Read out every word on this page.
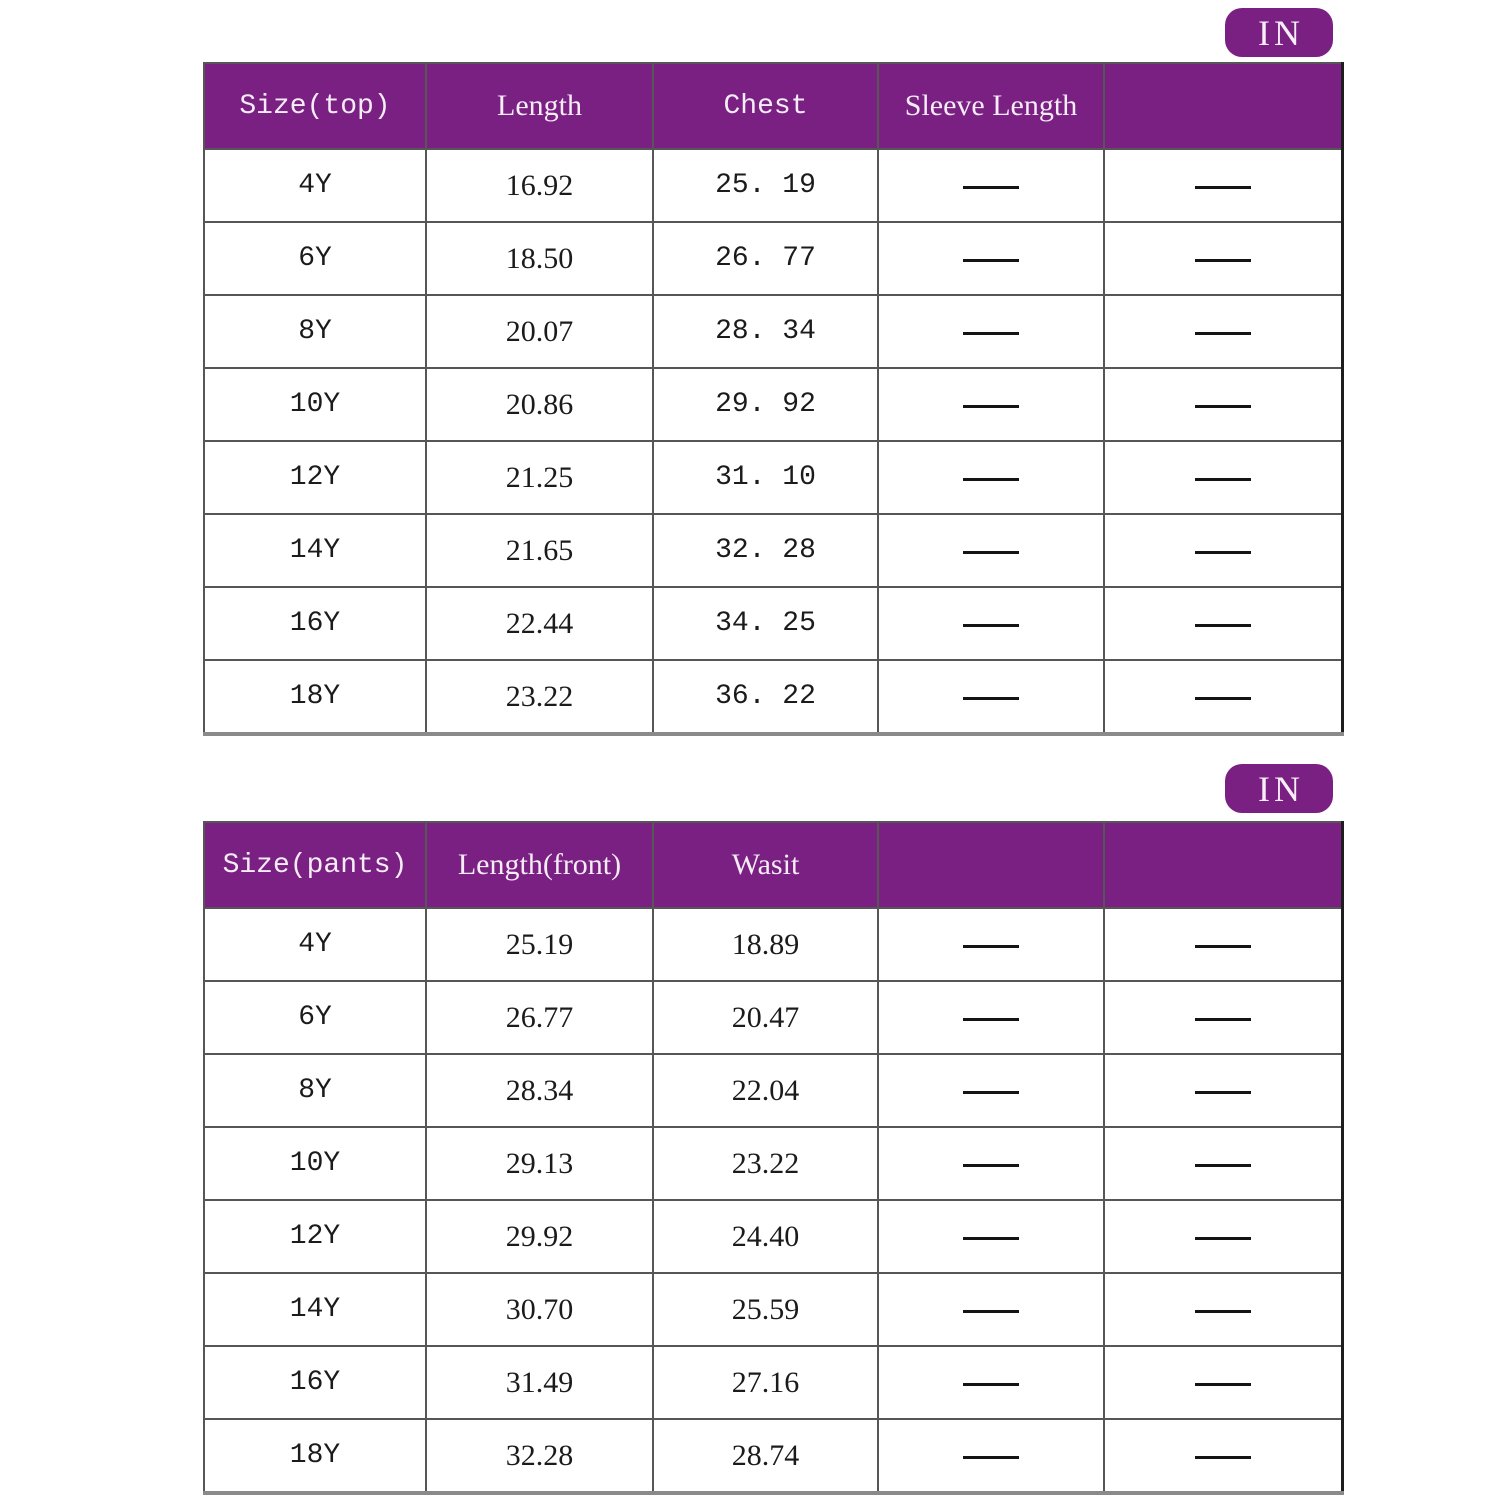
IN
Size(top)	Length	Chest	Sleeve Length	
4Y	16.92	25. 19		
6Y	18.50	26. 77		
8Y	20.07	28. 34		
10Y	20.86	29. 92		
12Y	21.25	31. 10		
14Y	21.65	32. 28		
16Y	22.44	34. 25		
18Y	23.22	36. 22		
IN
Size(pants)	Length(front)	Wasit		
4Y	25.19	18.89		
6Y	26.77	20.47		
8Y	28.34	22.04		
10Y	29.13	23.22		
12Y	29.92	24.40		
14Y	30.70	25.59		
16Y	31.49	27.16		
18Y	32.28	28.74		
